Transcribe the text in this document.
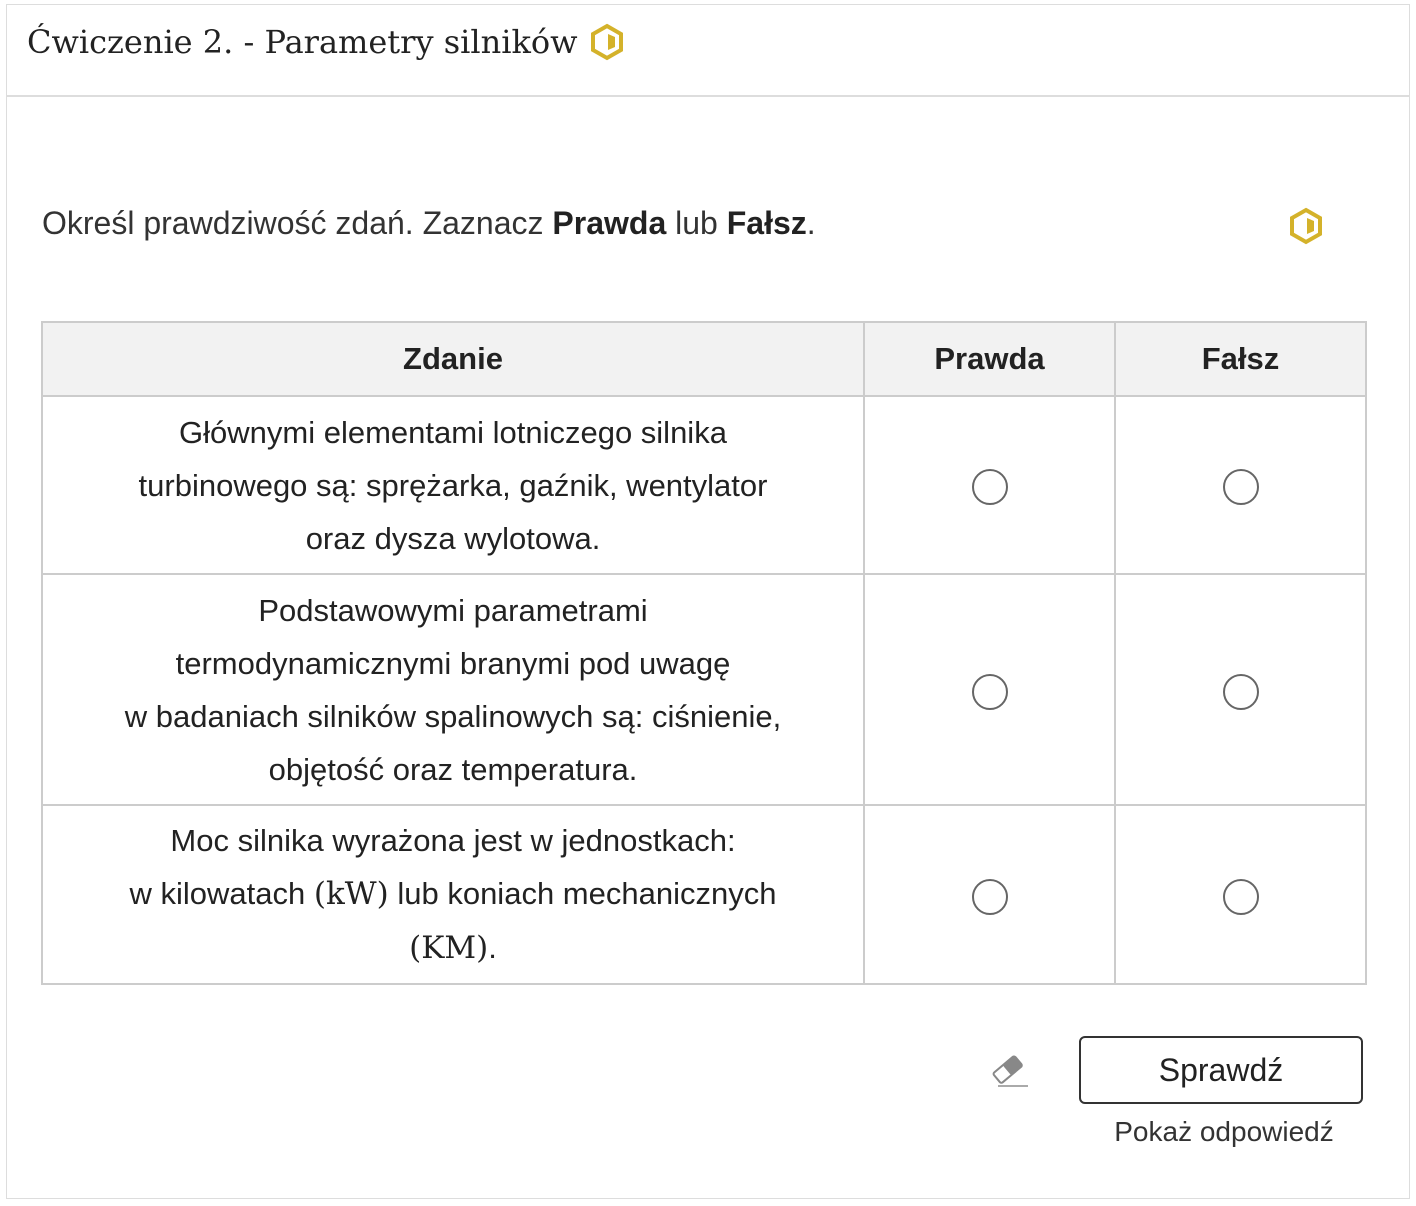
Ćwiczenie 2. - Parametry silników
Określ prawdziwość zdań. Zaznacz Prawda lub Fałsz.
Zdanie	Prawda	Fałsz

Głównymi elementami lotniczego silnika
turbinowego są: sprężarka, gaźnik, wentylator
oraz dysza wylotowa.		

Podstawowymi parametrami
termodynamicznymi branymi pod uwagę
w badaniach silników spalinowych są: ciśnienie,
objętość oraz temperatura.		

Moc silnika wyrażona jest w jednostkach:
w kilowatach (kW) lub koniach mechanicznych
(KM).		

Sprawdź
Pokaż odpowiedź
